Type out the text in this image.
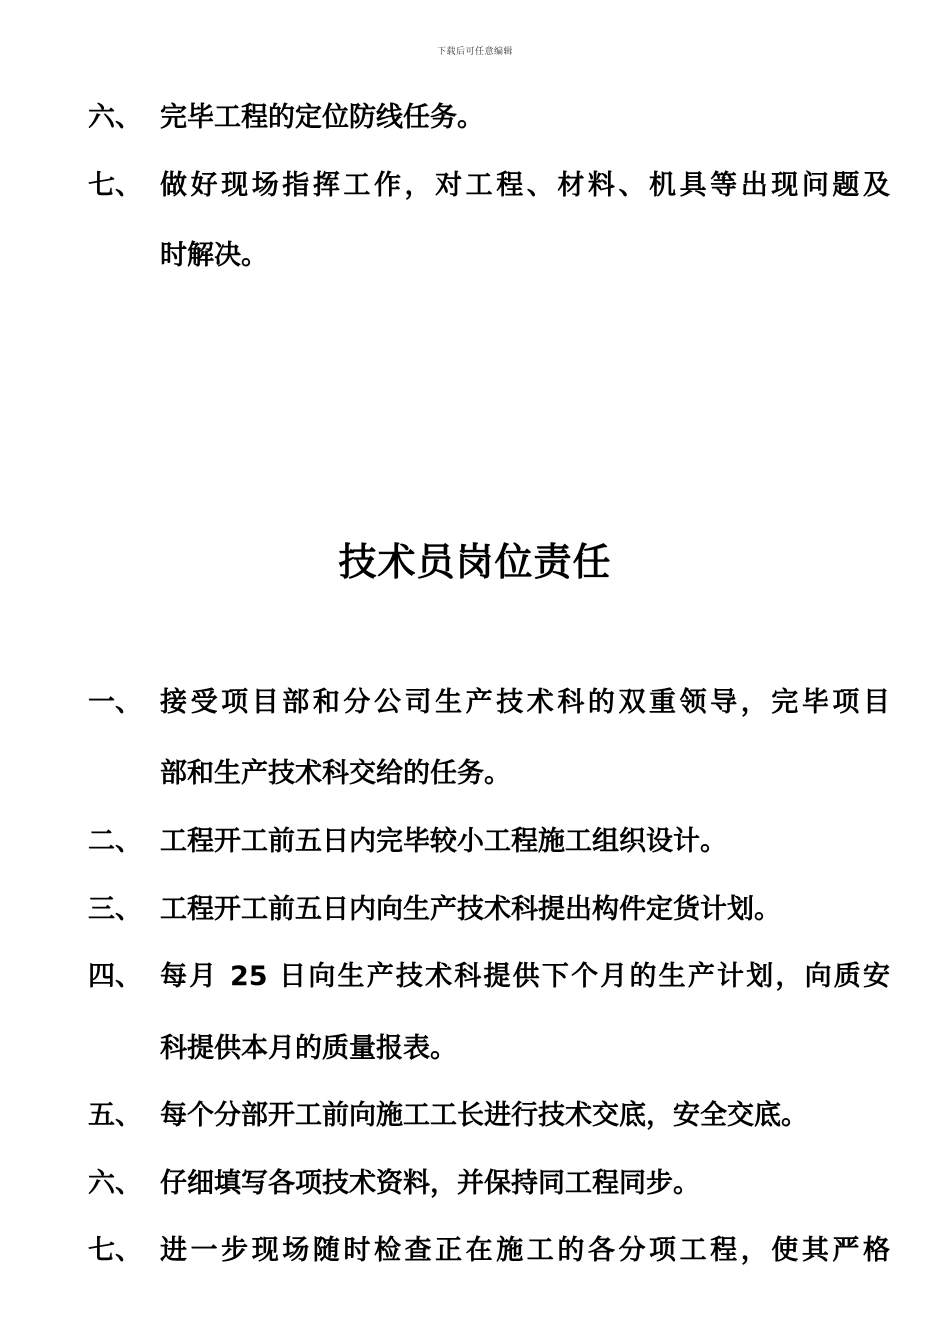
下载后可任意编辑
六、 完毕工程的定位防线任务。
七、 做好现场指挥工作，对工程、材料、机具等出现问题及
时解决。
技术员岗位责任
一、 接受项目部和分公司生产技术科的双重领导，完毕项目
部和生产技术科交给的任务。
二、 工程开工前五日内完毕较小工程施工组织设计。
三、 工程开工前五日内向生产技术科提出构件定货计划。
四、 每月 25 日向生产技术科提供下个月的生产计划，向质安
科提供本月的质量报表。
五、 每个分部开工前向施工工长进行技术交底，安全交底。
六、 仔细填写各项技术资料，并保持同工程同步。
七、 进一步现场随时检查正在施工的各分项工程，使其严格
